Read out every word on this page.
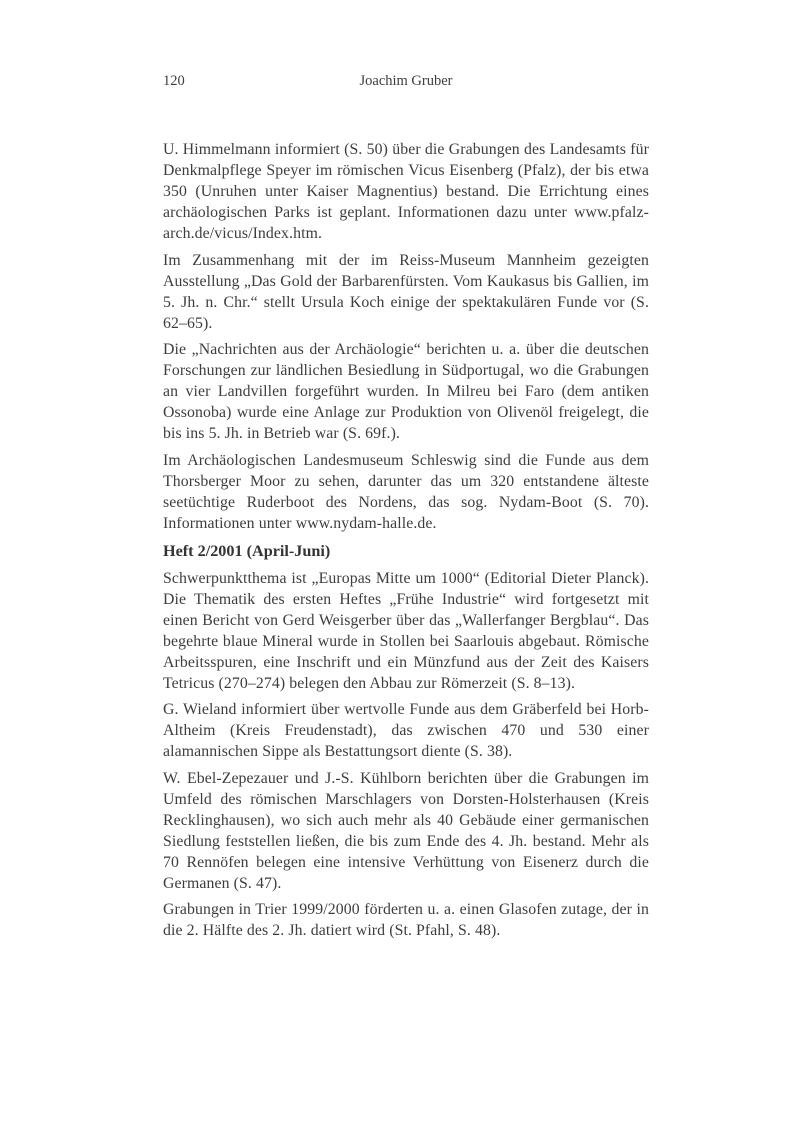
120	Joachim Gruber

U. Himmelmann informiert (S. 50) über die Grabungen des Landesamts für Denkmalpflege Speyer im römischen Vicus Eisenberg (Pfalz), der bis etwa 350 (Unruhen unter Kaiser Magnentius) bestand. Die Errichtung eines archäologischen Parks ist geplant. Informationen dazu unter www.pfalz-arch.de/vicus/Index.htm.

Im Zusammenhang mit der im Reiss-Museum Mannheim gezeigten Ausstellung „Das Gold der Barbarenfürsten. Vom Kaukasus bis Gallien, im 5. Jh. n. Chr.“ stellt Ursula Koch einige der spektakulären Funde vor (S. 62–65).

Die „Nachrichten aus der Archäologie“ berichten u. a. über die deutschen Forschungen zur ländlichen Besiedlung in Südportugal, wo die Grabungen an vier Landvillen forgeführt wurden. In Milreu bei Faro (dem antiken Ossonoba) wurde eine Anlage zur Produktion von Olivenöl freigelegt, die bis ins 5. Jh. in Betrieb war (S. 69f.).

Im Archäologischen Landesmuseum Schleswig sind die Funde aus dem Thorsberger Moor zu sehen, darunter das um 320 entstandene älteste seetüchtige Ruderboot des Nordens, das sog. Nydam-Boot (S. 70). Informationen unter www.nydam-halle.de.

Heft 2/2001 (April-Juni)

Schwerpunktthema ist „Europas Mitte um 1000“ (Editorial Dieter Planck). Die Thematik des ersten Heftes „Frühe Industrie“ wird fortgesetzt mit einen Bericht von Gerd Weisgerber über das „Wallerfanger Bergblau“. Das begehrte blaue Mineral wurde in Stollen bei Saarlouis abgebaut. Römische Arbeitsspuren, eine Inschrift und ein Münzfund aus der Zeit des Kaisers Tetricus (270–274) belegen den Abbau zur Römerzeit (S. 8–13).

G. Wieland informiert über wertvolle Funde aus dem Gräberfeld bei Horb-Altheim (Kreis Freudenstadt), das zwischen 470 und 530 einer alamannischen Sippe als Bestattungsort diente (S. 38).

W. Ebel-Zepezauer und J.-S. Kühlborn berichten über die Grabungen im Umfeld des römischen Marschlagers von Dorsten-Holsterhausen (Kreis Recklinghausen), wo sich auch mehr als 40 Gebäude einer germanischen Siedlung feststellen ließen, die bis zum Ende des 4. Jh. bestand. Mehr als 70 Rennöfen belegen eine intensive Verhüttung von Eisenerz durch die Germanen (S. 47).

Grabungen in Trier 1999/2000 förderten u. a. einen Glasofen zutage, der in die 2. Hälfte des 2. Jh. datiert wird (St. Pfahl, S. 48).
